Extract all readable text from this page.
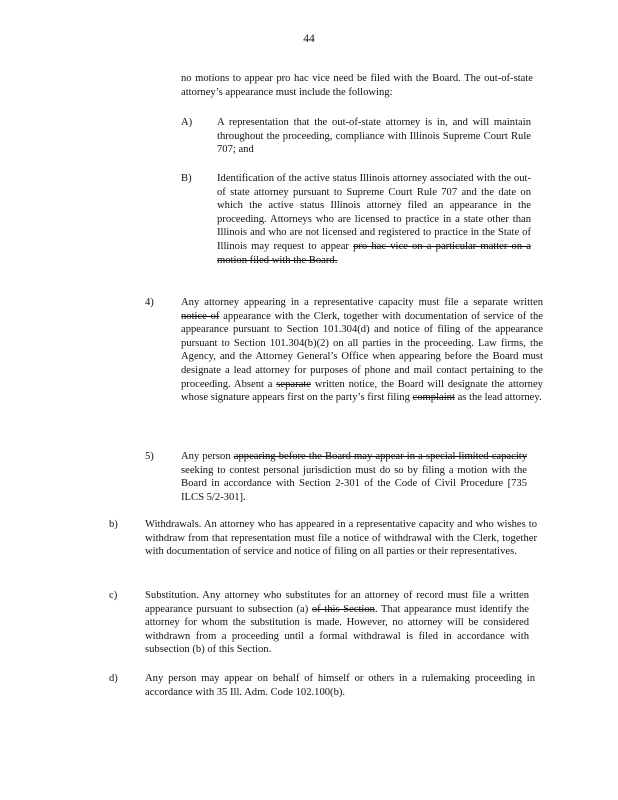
44

no motions to appear pro hac vice need be filed with the Board. The out-of-state attorney’s appearance must include the following:

A) A representation that the out-of-state attorney is in, and will maintain throughout the proceeding, compliance with Illinois Supreme Court Rule 707; and

B) Identification of the active status Illinois attorney associated with the out-of state attorney pursuant to Supreme Court Rule 707 and the date on which the active status Illinois attorney filed an appearance in the proceeding. Attorneys who are licensed to practice in a state other than Illinois and who are not licensed and registered to practice in the State of Illinois may request to appear pro hac vice on a particular matter on a motion filed with the Board.

4)	Any attorney appearing in a representative capacity must file a separate written notice of appearance with the Clerk, together with documentation of service of the appearance pursuant to Section 101.304(d) and notice of filing of the appearance pursuant to Section 101.304(b)(2) on all parties in the proceeding. Law firms, the Agency, and the Attorney General’s Office when appearing before the Board must designate a lead attorney for purposes of phone and mail contact pertaining to the proceeding. Absent a separate written notice, the Board will designate the attorney whose signature appears first on the party’s first filing complaint as the lead attorney.

5)	Any person appearing before the Board may appear in a special limited capacity seeking to contest personal jurisdiction must do so by filing a motion with the Board in accordance with Section 2-301 of the Code of Civil Procedure [735 ILCS 5/2-301].

b)	Withdrawals. An attorney who has appeared in a representative capacity and who wishes to withdraw from that representation must file a notice of withdrawal with the Clerk, together with documentation of service and notice of filing on all parties or their representatives.

c)	Substitution. Any attorney who substitutes for an attorney of record must file a written appearance pursuant to subsection (a) of this Section. That appearance must identify the attorney for whom the substitution is made. However, no attorney will be considered withdrawn from a proceeding until a formal withdrawal is filed in accordance with subsection (b) of this Section.

d)	Any person may appear on behalf of himself or others in a rulemaking proceeding in accordance with 35 Ill. Adm. Code 102.100(b).
